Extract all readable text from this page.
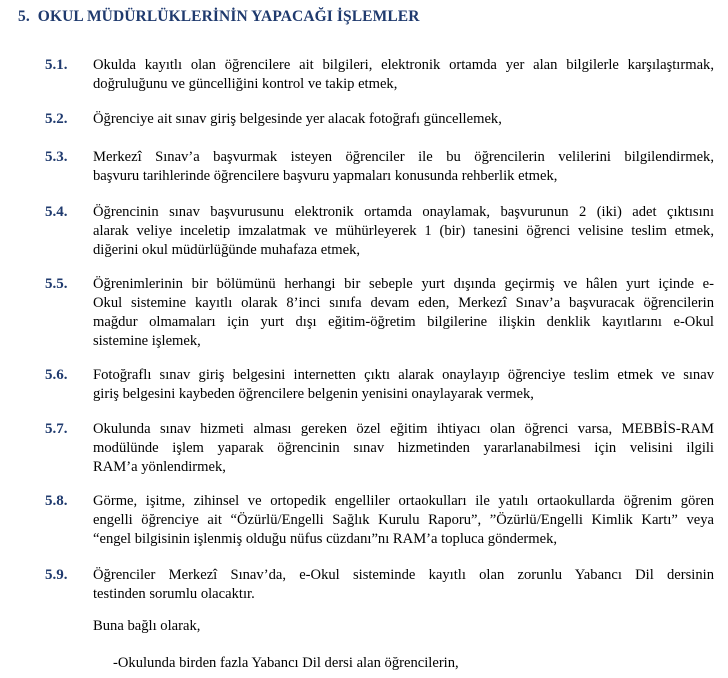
5. OKUL MÜDÜRLÜKLERİNİN YAPACAĞI İŞLEMLER
5.1. Okulda kayıtlı olan öğrencilere ait bilgileri, elektronik ortamda yer alan bilgilerle karşılaştırmak,
doğruluğunu ve güncelliğini kontrol ve takip etmek,
5.2. Öğrenciye ait sınav giriş belgesinde yer alacak fotoğrafı güncellemek,
5.3. Merkezî Sınav’a başvurmak isteyen öğrenciler ile bu öğrencilerin velilerini bilgilendirmek,
başvuru tarihlerinde öğrencilere başvuru yapmaları konusunda rehberlik etmek,
5.4. Öğrencinin sınav başvurusunu elektronik ortamda onaylamak, başvurunun 2 (iki) adet çıktısını
alarak veliye inceletip imzalatmak ve mühürleyerek 1 (bir) tanesini öğrenci velisine teslim etmek,
diğerini okul müdürlüğünde muhafaza etmek,
5.5. Öğrenimlerinin bir bölümünü herhangi bir sebeple yurt dışında geçirmiş ve hâlen yurt içinde e-
Okul sistemine kayıtlı olarak 8’inci sınıfa devam eden, Merkezî Sınav’a başvuracak öğrencilerin
mağdur olmamaları için yurt dışı eğitim-öğretim bilgilerine ilişkin denklik kayıtlarını e-Okul
sistemine işlemek,
5.6. Fotoğraflı sınav giriş belgesini internetten çıktı alarak onaylayıp öğrenciye teslim etmek ve sınav
giriş belgesini kaybeden öğrencilere belgenin yenisini onaylayarak vermek,
5.7. Okulunda sınav hizmeti alması gereken özel eğitim ihtiyacı olan öğrenci varsa, MEBBİS-RAM
modülünde işlem yaparak öğrencinin sınav hizmetinden yararlanabilmesi için velisini ilgili
RAM’a yönlendirmek,
5.8. Görme, işitme, zihinsel ve ortopedik engelliler ortaokulları ile yatılı ortaokullarda öğrenim gören
engelli öğrenciye ait “Özürlü/Engelli Sağlık Kurulu Raporu”, ”Özürlü/Engelli Kimlik Kartı” veya
“engel bilgisinin işlenmiş olduğu nüfus cüzdanı”nı RAM’a topluca göndermek,
5.9. Öğrenciler Merkezî Sınav’da, e-Okul sisteminde kayıtlı olan zorunlu Yabancı Dil dersinin
testinden sorumlu olacaktır.
Buna bağlı olarak,
-Okulunda birden fazla Yabancı Dil dersi alan öğrencilerin,
